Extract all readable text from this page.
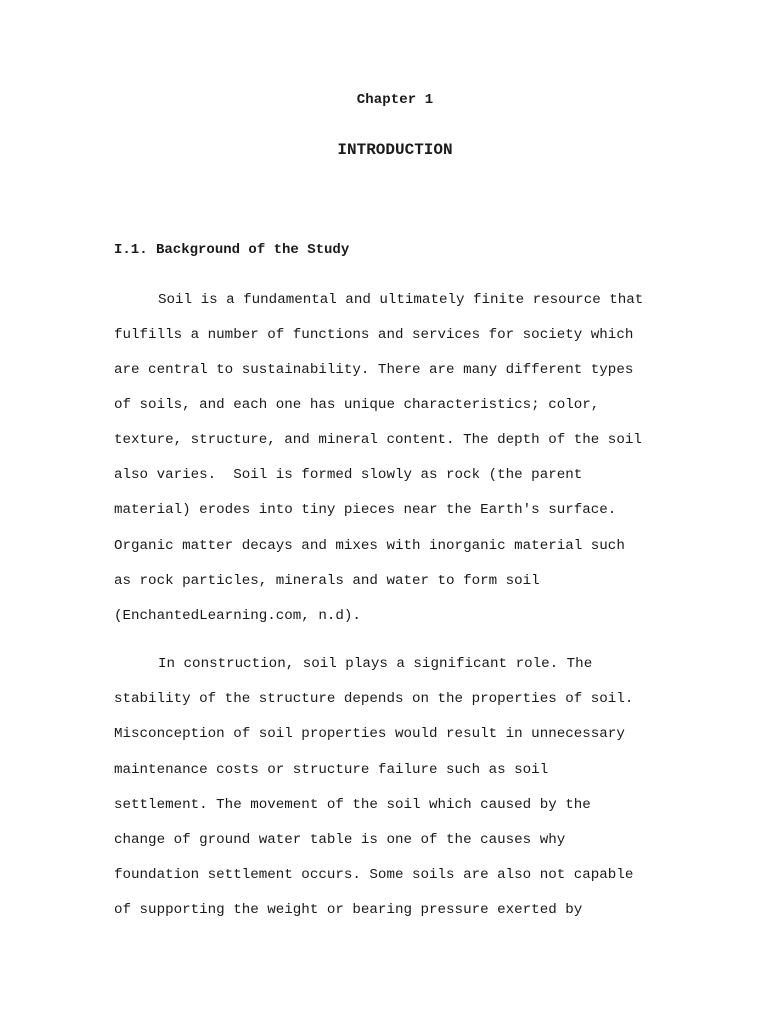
Chapter 1
INTRODUCTION
I.1. Background of the Study
Soil is a fundamental and ultimately finite resource that
fulfills a number of functions and services for society which
are central to sustainability. There are many different types
of soils, and each one has unique characteristics; color,
texture, structure, and mineral content. The depth of the soil
also varies.  Soil is formed slowly as rock (the parent
material) erodes into tiny pieces near the Earth's surface.
Organic matter decays and mixes with inorganic material such
as rock particles, minerals and water to form soil
(EnchantedLearning.com, n.d).
In construction, soil plays a significant role. The
stability of the structure depends on the properties of soil.
Misconception of soil properties would result in unnecessary
maintenance costs or structure failure such as soil
settlement. The movement of the soil which caused by the
change of ground water table is one of the causes why
foundation settlement occurs. Some soils are also not capable
of supporting the weight or bearing pressure exerted by
